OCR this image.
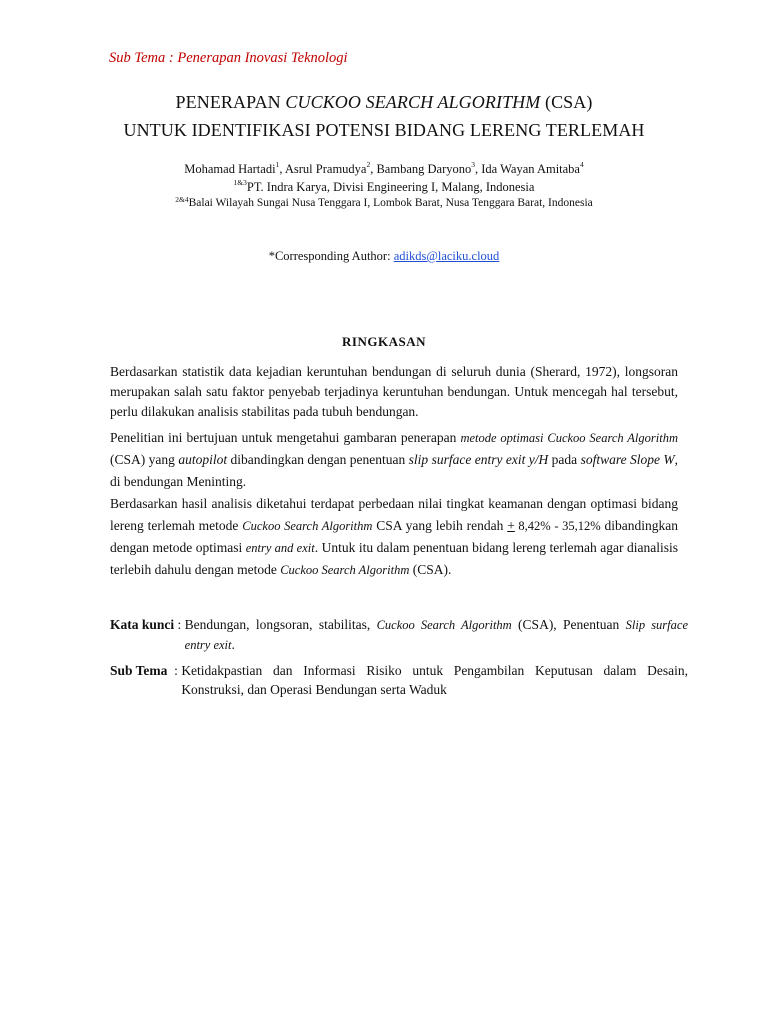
Sub Tema : Penerapan Inovasi Teknologi
PENERAPAN CUCKOO SEARCH ALGORITHM (CSA)
UNTUK IDENTIFIKASI POTENSI BIDANG LERENG TERLEMAH
Mohamad Hartadi$^1$, Asrul Pramudya$^2$, Bambang Daryono$^3$, Ida Wayan Amitaba$^4$
$^{1\&3}$PT. Indra Karya, Divisi Engineering I, Malang, Indonesia
$^{2\&4}$Balai Wilayah Sungai Nusa Tenggara I, Lombok Barat, Nusa Tenggara Barat, Indonesia
*Corresponding Author: adikds@laciku.cloud
RINGKASAN
Berdasarkan statistik data kejadian keruntuhan bendungan di seluruh dunia (Sherard, 1972), longsoran merupakan salah satu faktor penyebab terjadinya keruntuhan bendungan. Untuk mencegah hal tersebut, perlu dilakukan analisis stabilitas pada tubuh bendungan.
Penelitian ini bertujuan untuk mengetahui gambaran penerapan metode optimasi Cuckoo Search Algorithm (CSA) yang autopilot dibandingkan dengan penentuan slip surface entry exit y/H pada software Slope W, di bendungan Meninting.
Berdasarkan hasil analisis diketahui terdapat perbedaan nilai tingkat keamanan dengan optimasi bidang lereng terlemah metode Cuckoo Search Algorithm CSA yang lebih rendah + 8,42% - 35,12% dibandingkan dengan metode optimasi entry and exit. Untuk itu dalam penentuan bidang lereng terlemah agar dianalisis terlebih dahulu dengan metode Cuckoo Search Algorithm (CSA).
Kata kunci : Bendungan, longsoran, stabilitas, Cuckoo Search Algorithm (CSA), Penentuan Slip surface entry exit.
Sub Tema : Ketidakpastian dan Informasi Risiko untuk Pengambilan Keputusan dalam Desain, Konstruksi, dan Operasi Bendungan serta Waduk
